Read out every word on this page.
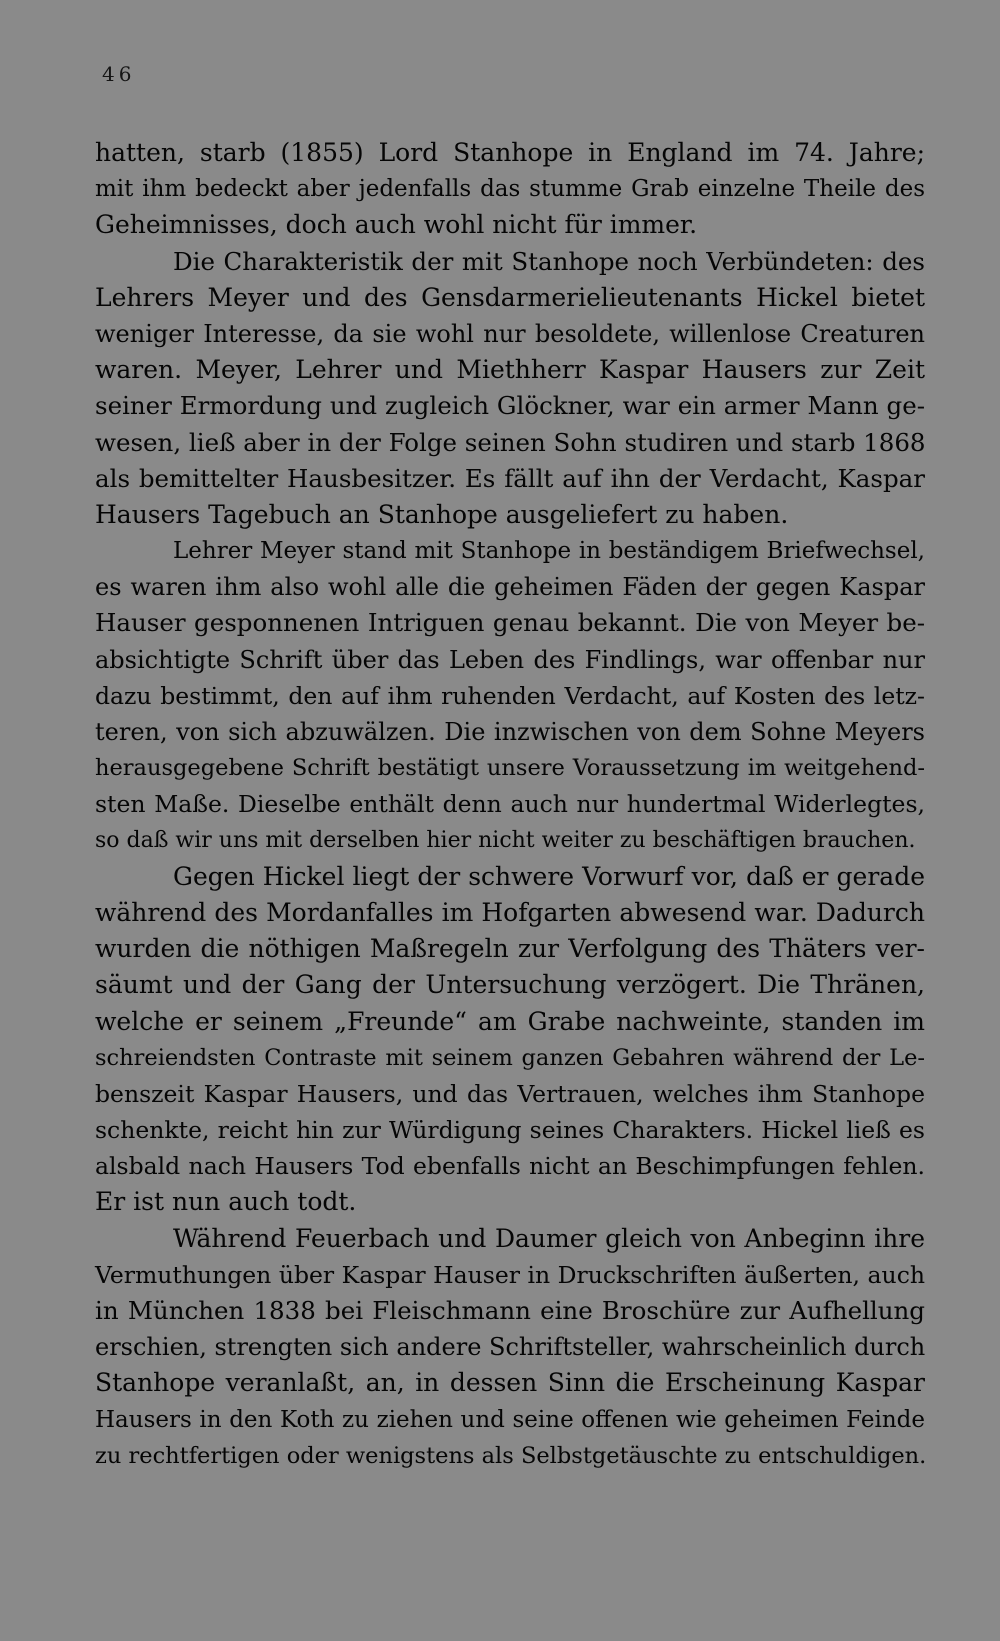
46
hatten, starb (1855) Lord Stanhope in England im 74. Jahre;
mit ihm bedeckt aber jedenfalls das stumme Grab einzelne Theile des
Geheimnisses, doch auch wohl nicht für immer.
Die Charakteristik der mit Stanhope noch Verbündeten: des
Lehrers Meyer und des Gensdarmerielieutenants Hickel bietet
weniger Interesse, da sie wohl nur besoldete, willenlose Creaturen
waren. Meyer, Lehrer und Miethherr Kaspar Hausers zur Zeit
seiner Ermordung und zugleich Glöckner, war ein armer Mann ge-
wesen, ließ aber in der Folge seinen Sohn studiren und starb 1868
als bemittelter Hausbesitzer. Es fällt auf ihn der Verdacht, Kaspar
Hausers Tagebuch an Stanhope ausgeliefert zu haben.
Lehrer Meyer stand mit Stanhope in beständigem Briefwechsel,
es waren ihm also wohl alle die geheimen Fäden der gegen Kaspar
Hauser gesponnenen Intriguen genau bekannt. Die von Meyer be-
absichtigte Schrift über das Leben des Findlings, war offenbar nur
dazu bestimmt, den auf ihm ruhenden Verdacht, auf Kosten des letz-
teren, von sich abzuwälzen. Die inzwischen von dem Sohne Meyers
herausgegebene Schrift bestätigt unsere Voraussetzung im weitgehend-
sten Maße. Dieselbe enthält denn auch nur hundertmal Widerlegtes,
so daß wir uns mit derselben hier nicht weiter zu beschäftigen brauchen.
Gegen Hickel liegt der schwere Vorwurf vor, daß er gerade
während des Mordanfalles im Hofgarten abwesend war. Dadurch
wurden die nöthigen Maßregeln zur Verfolgung des Thäters ver-
säumt und der Gang der Untersuchung verzögert. Die Thränen,
welche er seinem „Freunde“ am Grabe nachweinte, standen im
schreiendsten Contraste mit seinem ganzen Gebahren während der Le-
benszeit Kaspar Hausers, und das Vertrauen, welches ihm Stanhope
schenkte, reicht hin zur Würdigung seines Charakters. Hickel ließ es
alsbald nach Hausers Tod ebenfalls nicht an Beschimpfungen fehlen.
Er ist nun auch todt.
Während Feuerbach und Daumer gleich von Anbeginn ihre
Vermuthungen über Kaspar Hauser in Druckschriften äußerten, auch
in München 1838 bei Fleischmann eine Broschüre zur Aufhellung
erschien, strengten sich andere Schriftsteller, wahrscheinlich durch
Stanhope veranlaßt, an, in dessen Sinn die Erscheinung Kaspar
Hausers in den Koth zu ziehen und seine offenen wie geheimen Feinde
zu rechtfertigen oder wenigstens als Selbstgetäuschte zu entschuldigen.
